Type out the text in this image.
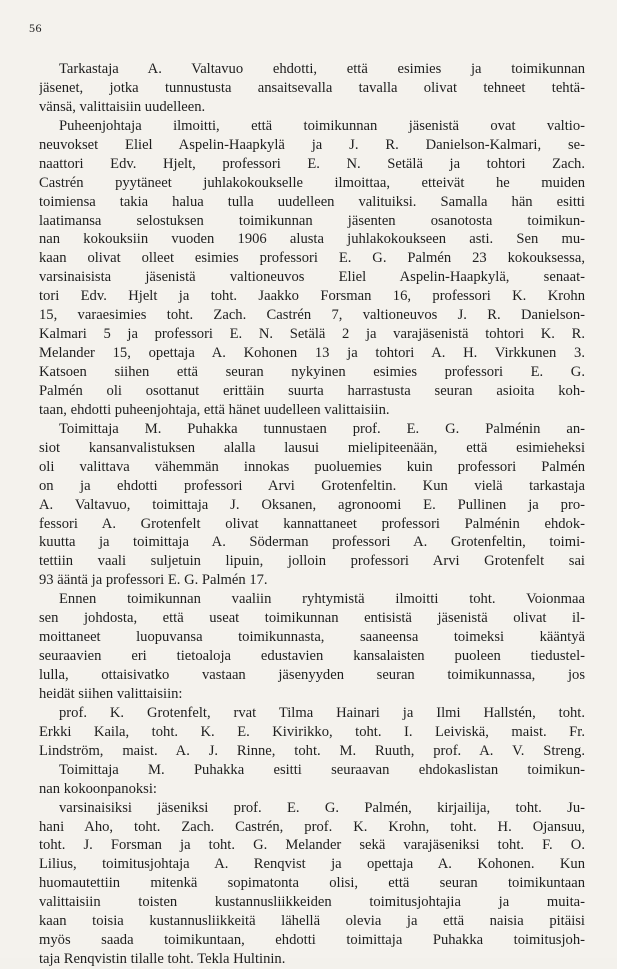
56
Tarkastaja A. Valtavuo ehdotti, että esimies ja toimikunnan
jäsenet, jotka tunnustusta ansaitsevalla tavalla olivat tehneet tehtä-
vänsä, valittaisiin uudelleen.
Puheenjohtaja ilmoitti, että toimikunnan jäsenistä ovat valtio-
neuvokset Eliel Aspelin-Haapkylä ja J. R. Danielson-Kalmari, se-
naattori Edv. Hjelt, professori E. N. Setälä ja tohtori Zach.
Castrén pyytäneet juhlakokoukselle ilmoittaa, etteivät he muiden
toimiensa takia halua tulla uudelleen valituiksi. Samalla hän esitti
laatimansa selostuksen toimikunnan jäsenten osanotosta toimikun-
nan kokouksiin vuoden 1906 alusta juhlakokoukseen asti. Sen mu-
kaan olivat olleet esimies professori E. G. Palmén 23 kokouksessa,
varsinaisista jäsenistä valtioneuvos Eliel Aspelin-Haapkylä, senaat-
tori Edv. Hjelt ja toht. Jaakko Forsman 16, professori K. Krohn
15, varaesimies toht. Zach. Castrén 7, valtioneuvos J. R. Danielson-
Kalmari 5 ja professori E. N. Setälä 2 ja varajäsenistä tohtori K. R.
Melander 15, opettaja A. Kohonen 13 ja tohtori A. H. Virkkunen 3.
Katsoen siihen että seuran nykyinen esimies professori E. G.
Palmén oli osottanut erittäin suurta harrastusta seuran asioita koh-
taan, ehdotti puheenjohtaja, että hänet uudelleen valittaisiin.
Toimittaja M. Puhakka tunnustaen prof. E. G. Palménin an-
siot kansanvalistuksen alalla lausui mielipiteenään, että esimieheksi
oli valittava vähemmän innokas puoluemies kuin professori Palmén
on ja ehdotti professori Arvi Grotenfeltin. Kun vielä tarkastaja
A. Valtavuo, toimittaja J. Oksanen, agronoomi E. Pullinen ja pro-
fessori A. Grotenfelt olivat kannattaneet professori Palménin ehdok-
kuutta ja toimittaja A. Söderman professori A. Grotenfeltin, toimi-
tettiin vaali suljetuin lipuin, jolloin professori Arvi Grotenfelt sai
93 ääntä ja professori E. G. Palmén 17.
Ennen toimikunnan vaaliin ryhtymistä ilmoitti toht. Voionmaa
sen johdosta, että useat toimikunnan entisistä jäsenistä olivat il-
moittaneet luopuvansa toimikunnasta, saaneensa toimeksi kääntyä
seuraavien eri tietoaloja edustavien kansalaisten puoleen tiedustel-
lulla, ottaisivatko vastaan jäsenyyden seuran toimikunnassa, jos
heidät siihen valittaisiin:
prof. K. Grotenfelt, rvat Tilma Hainari ja Ilmi Hallstén, toht.
Erkki Kaila, toht. K. E. Kivirikko, toht. I. Leiviskä, maist. Fr.
Lindström, maist. A. J. Rinne, toht. M. Ruuth, prof. A. V. Streng.
Toimittaja M. Puhakka esitti seuraavan ehdokaslistan toimikun-
nan kokoonpanoksi:
varsinaisiksi jäseniksi prof. E. G. Palmén, kirjailija, toht. Ju-
hani Aho, toht. Zach. Castrén, prof. K. Krohn, toht. H. Ojansuu,
toht. J. Forsman ja toht. G. Melander sekä varajäseniksi toht. F. O.
Lilius, toimitusjohtaja A. Renqvist ja opettaja A. Kohonen. Kun
huomautettiin mitenkä sopimatonta olisi, että seuran toimikuntaan
valittaisiin toisten kustannusliikkeiden toimitusjohtajia ja muita-
kaan toisia kustannusliikkeitä lähellä olevia ja että naisia pitäisi
myös saada toimikuntaan, ehdotti toimittaja Puhakka toimitusjoh-
taja Renqvistin tilalle toht. Tekla Hultinin.
